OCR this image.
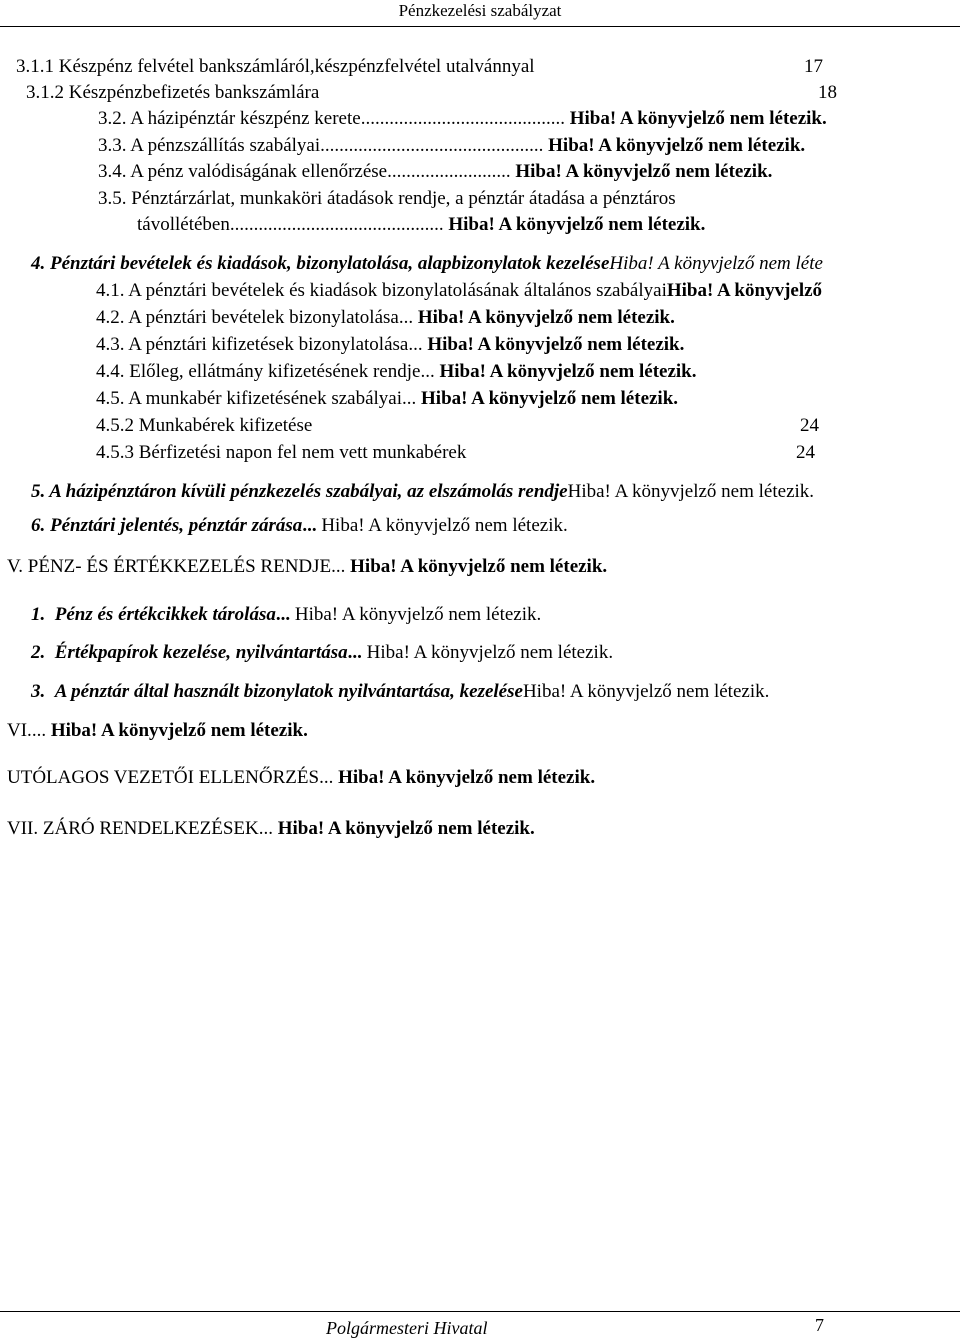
Pénzkezelési szabályzat
3.1.1 Készpénz felvétel bankszámláról,készpénzfelvétel utalvánnyal	17
3.1.2 Készpénzbefizetés bankszámlára	18
3.2. A házipénztár készpénz kerete........................................... Hiba! A könyvjelző nem létezik.
3.3. A pénzszállítás szabályai............................................... Hiba! A könyvjelző nem létezik.
3.4. A pénz valódiságának ellenőrzése.......................... Hiba! A könyvjelző nem létezik.
3.5. Pénztárzárlat, munkaköri átadások rendje, a pénztár átadása a pénztáros
távollétében............................................. Hiba! A könyvjelző nem létezik.
4. Pénztári bevételek és kiadások, bizonylatolása, alapbizonylatok kezeléseHiba! A könyvjelző nem léte
4.1. A pénztári bevételek és kiadások bizonylatolásának általános szabályaiHiba! A könyvjelző
4.2. A pénztári bevételek bizonylatolása... Hiba! A könyvjelző nem létezik.
4.3. A pénztári kifizetések bizonylatolása... Hiba! A könyvjelző nem létezik.
4.4. Előleg, ellátmány kifizetésének rendje... Hiba! A könyvjelző nem létezik.
4.5. A munkabér kifizetésének szabályai... Hiba! A könyvjelző nem létezik.
4.5.2 Munkabérek kifizetése	24
4.5.3 Bérfizetési napon fel nem vett munkabérek	24
5. A házipénztáron kívüli pénzkezelés szabályai, az elszámolás rendjeHiba! A könyvjelző nem létezik.
6. Pénztári jelentés, pénztár zárása... Hiba! A könyvjelző nem létezik.
V. PÉNZ- ÉS ÉRTÉKKEZELÉS RENDJE... Hiba! A könyvjelző nem létezik.
1. Pénz és értékcikkek tárolása... Hiba! A könyvjelző nem létezik.
2. Értékpapírok kezelése, nyilvántartása... Hiba! A könyvjelző nem létezik.
3. A pénztár által használt bizonylatok nyilvántartása, kezeléseHiba! A könyvjelző nem létezik.
VI.... Hiba! A könyvjelző nem létezik.
UTÓLAGOS VEZETŐI ELLENŐRZÉS... Hiba! A könyvjelző nem létezik.
VII. ZÁRÓ RENDELKEZÉSEK... Hiba! A könyvjelző nem létezik.
Polgármesteri Hivatal	7
